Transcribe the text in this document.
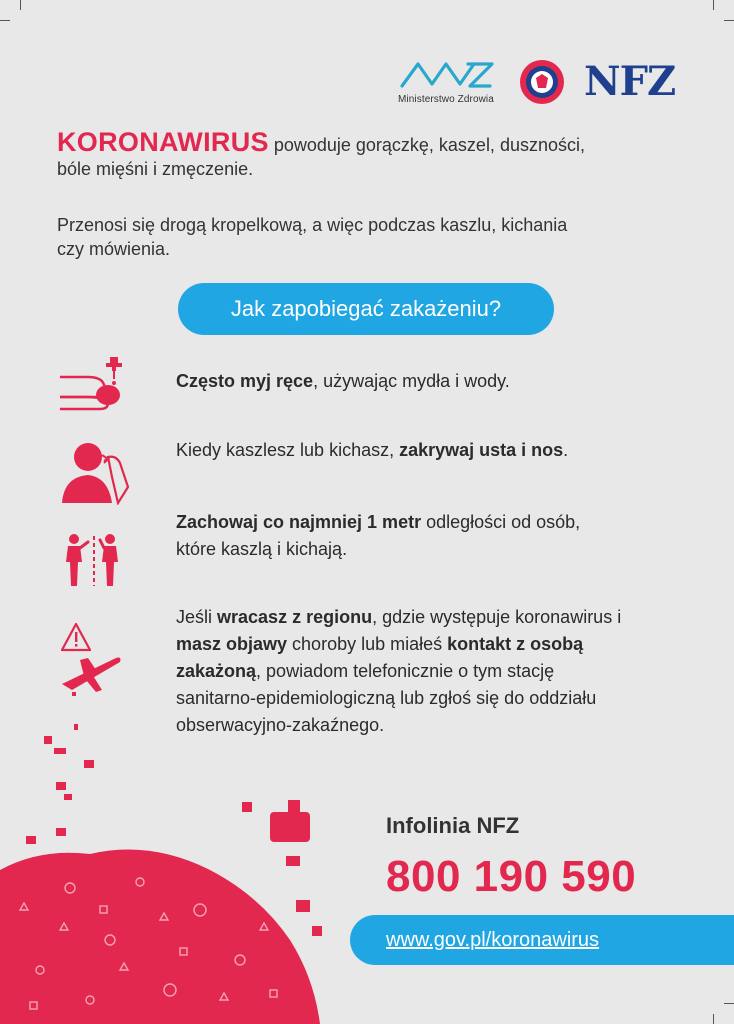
Ministerstwo Zdrowia NFZ
KORONAWIRUS powoduje gorączkę, kaszel, duszności,
bóle mięśni i zmęczenie.
Przenosi się drogą kropelkową, a więc podczas kaszlu, kichania
czy mówienia.
Jak zapobiegać zakażeniu?
Często myj ręce, używając mydła i wody.
Kiedy kaszlesz lub kichasz, zakrywaj usta i nos.
Zachowaj co najmniej 1 metr odległości od osób,
które kaszlą i kichają.
Jeśli wracasz z regionu, gdzie występuje koronawirus i
masz objawy choroby lub miałeś kontakt z osobą
zakażoną, powiadom telefonicznie o tym stację
sanitarno-epidemiologiczną lub zgłoś się do oddziału
obserwacyjno-zakaźnego.
Infolinia NFZ
800 190 590
www.gov.pl/koronawirus
